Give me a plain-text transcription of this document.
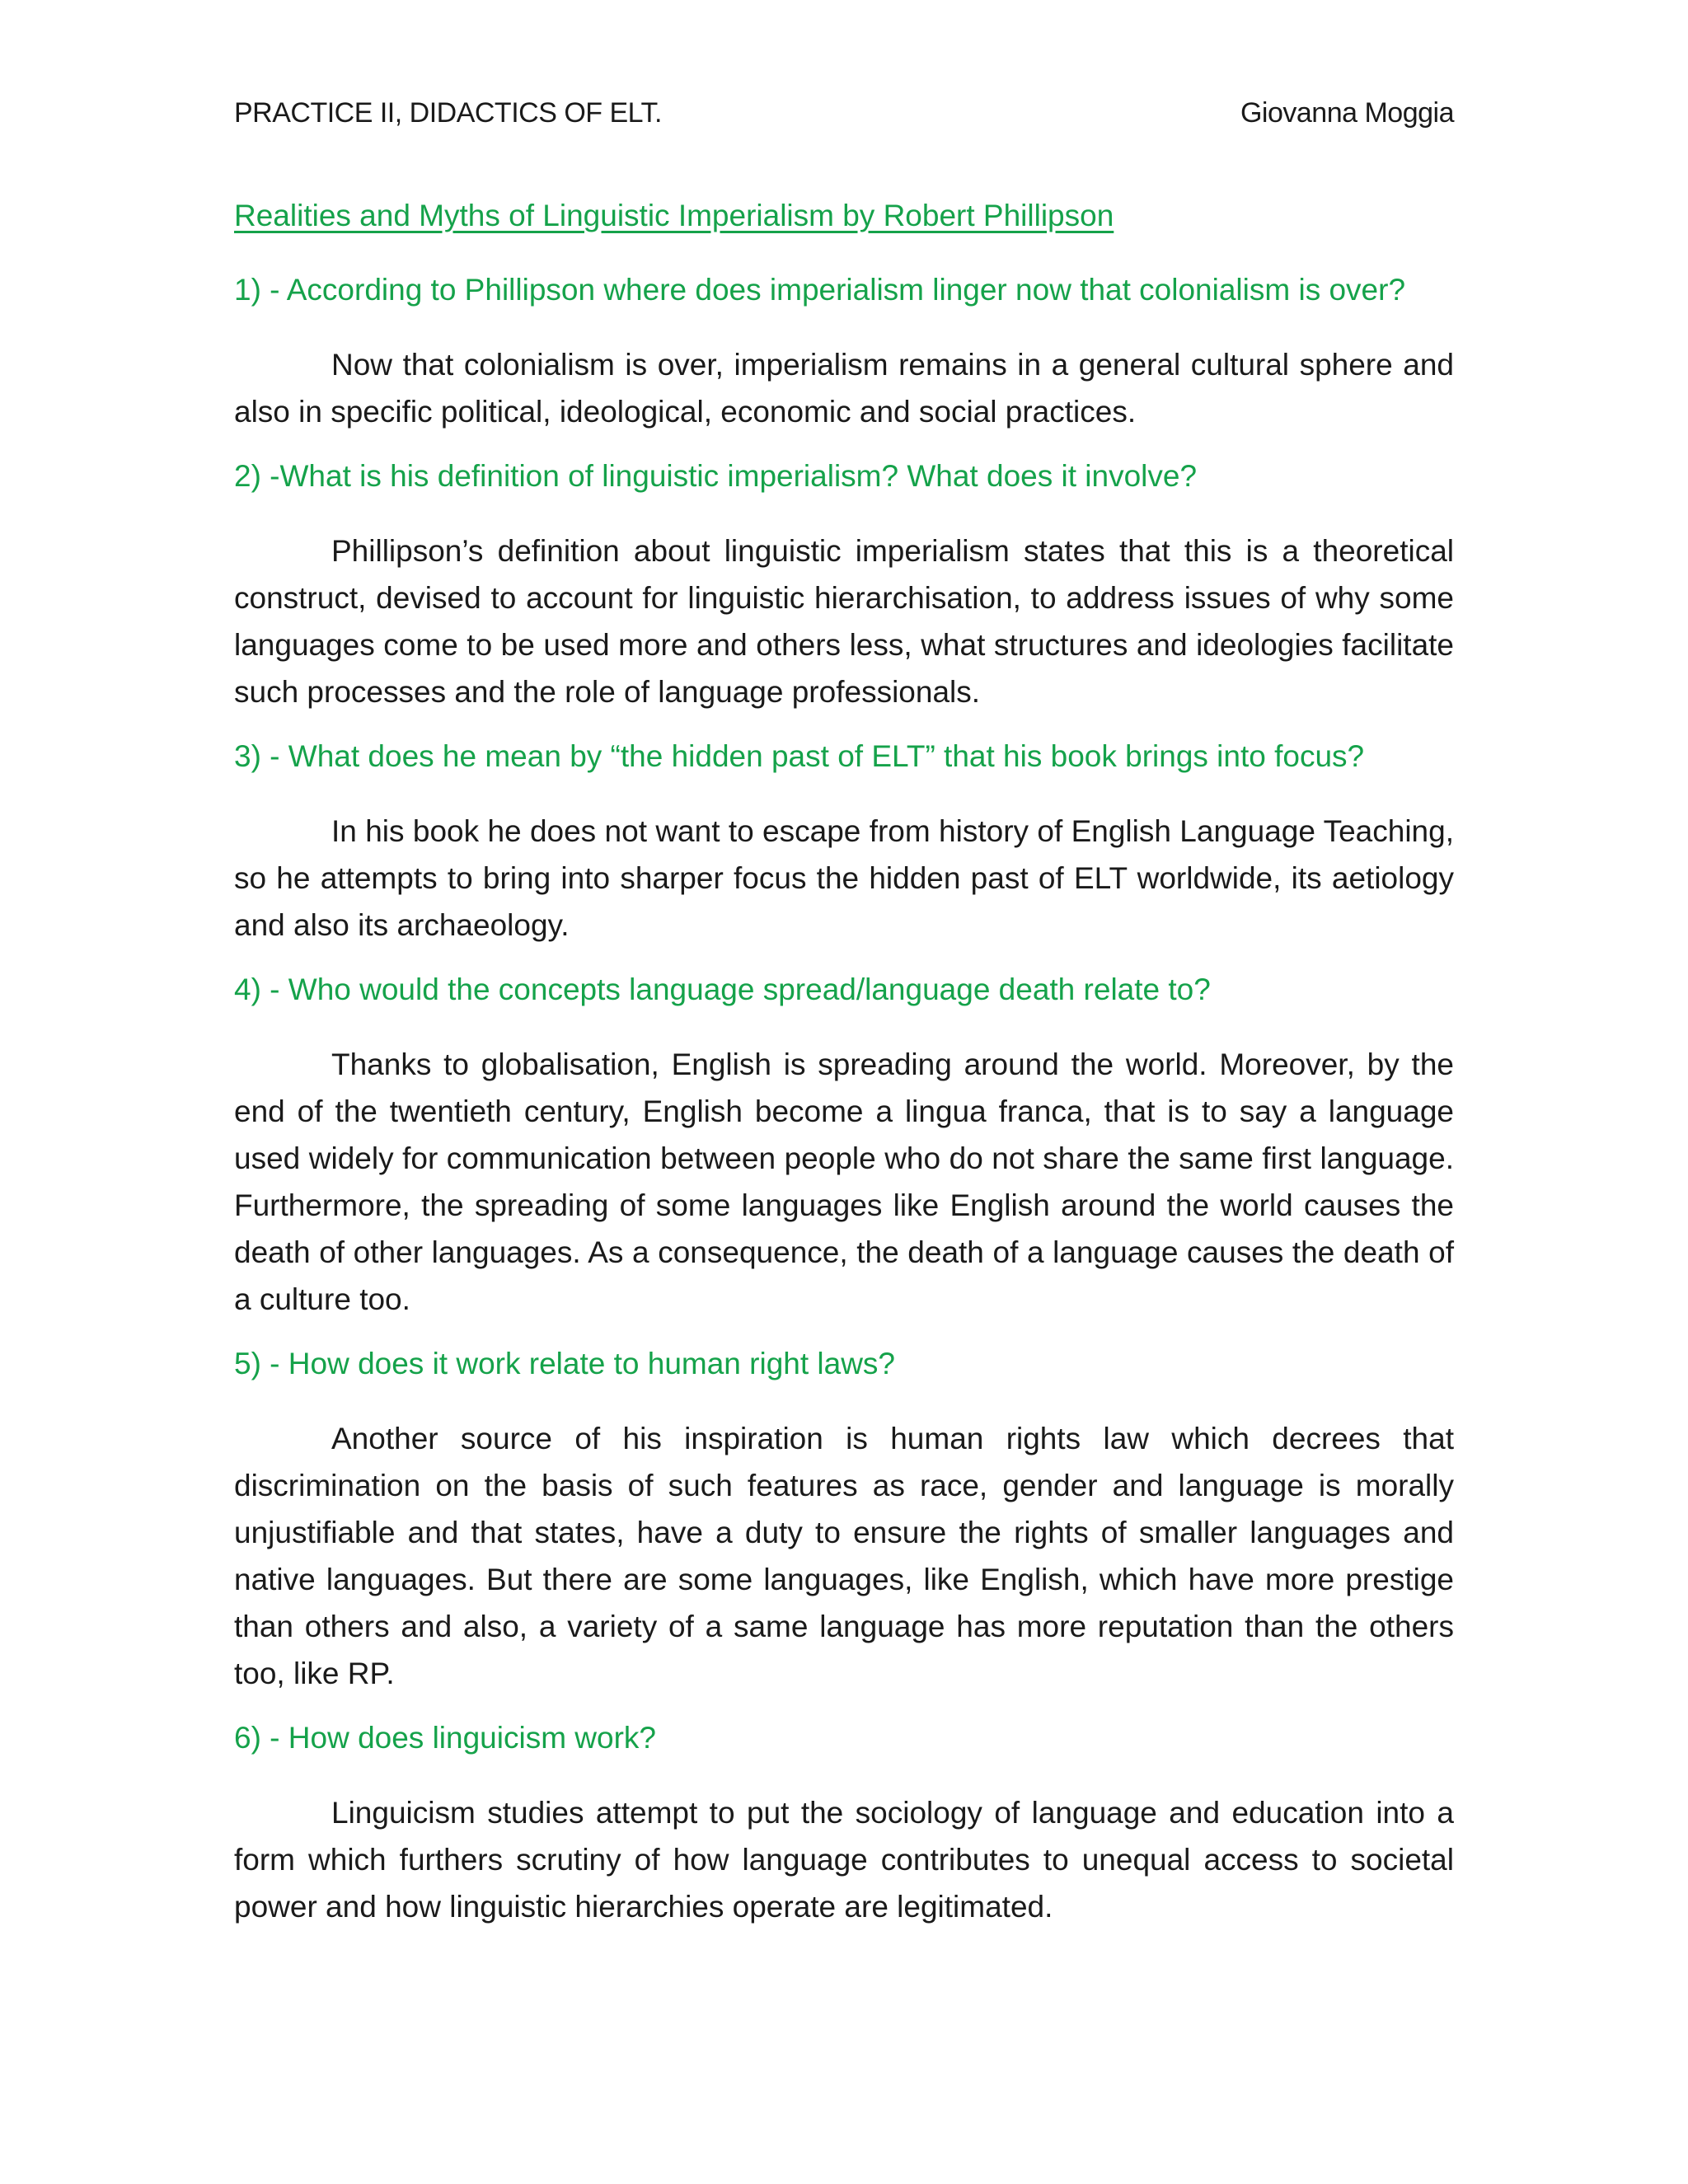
PRACTICE II, DIDACTICS OF ELT.	Giovanna Moggia

Realities and Myths of Linguistic Imperialism by Robert Phillipson

1) - According to Phillipson where does imperialism linger now that colonialism is over?

Now that colonialism is over, imperialism remains in a general cultural sphere and also in specific political, ideological, economic and social practices.

2) -What is his definition of linguistic imperialism? What does it involve?

Phillipson’s definition about linguistic imperialism states that this is a theoretical construct, devised to account for linguistic hierarchisation, to address issues of why some languages come to be used more and others less, what structures and ideologies facilitate such processes and the role of language professionals.

3) - What does he mean by “the hidden past of ELT” that his book brings into focus?

In his book he does not want to escape from history of English Language Teaching, so he attempts to bring into sharper focus the hidden past of ELT worldwide, its aetiology and also its archaeology.

4) - Who would the concepts language spread/language death relate to?

Thanks to globalisation, English is spreading around the world. Moreover, by the end of the twentieth century, English become a lingua franca, that is to say a language used widely for communication between people who do not share the same first language. Furthermore, the spreading of some languages like English around the world causes the death of other languages. As a consequence, the death of a language causes the death of a culture too.

5) - How does it work relate to human right laws?

Another source of his inspiration is human rights law which decrees that discrimination on the basis of such features as race, gender and language is morally unjustifiable and that states, have a duty to ensure the rights of smaller languages and native languages. But there are some languages, like English, which have more prestige than others and also, a variety of a same language has more reputation than the others too, like RP.

6) - How does linguicism work?

Linguicism studies attempt to put the sociology of language and education into a form which furthers scrutiny of how language contributes to unequal access to societal power and how linguistic hierarchies operate are legitimated.
